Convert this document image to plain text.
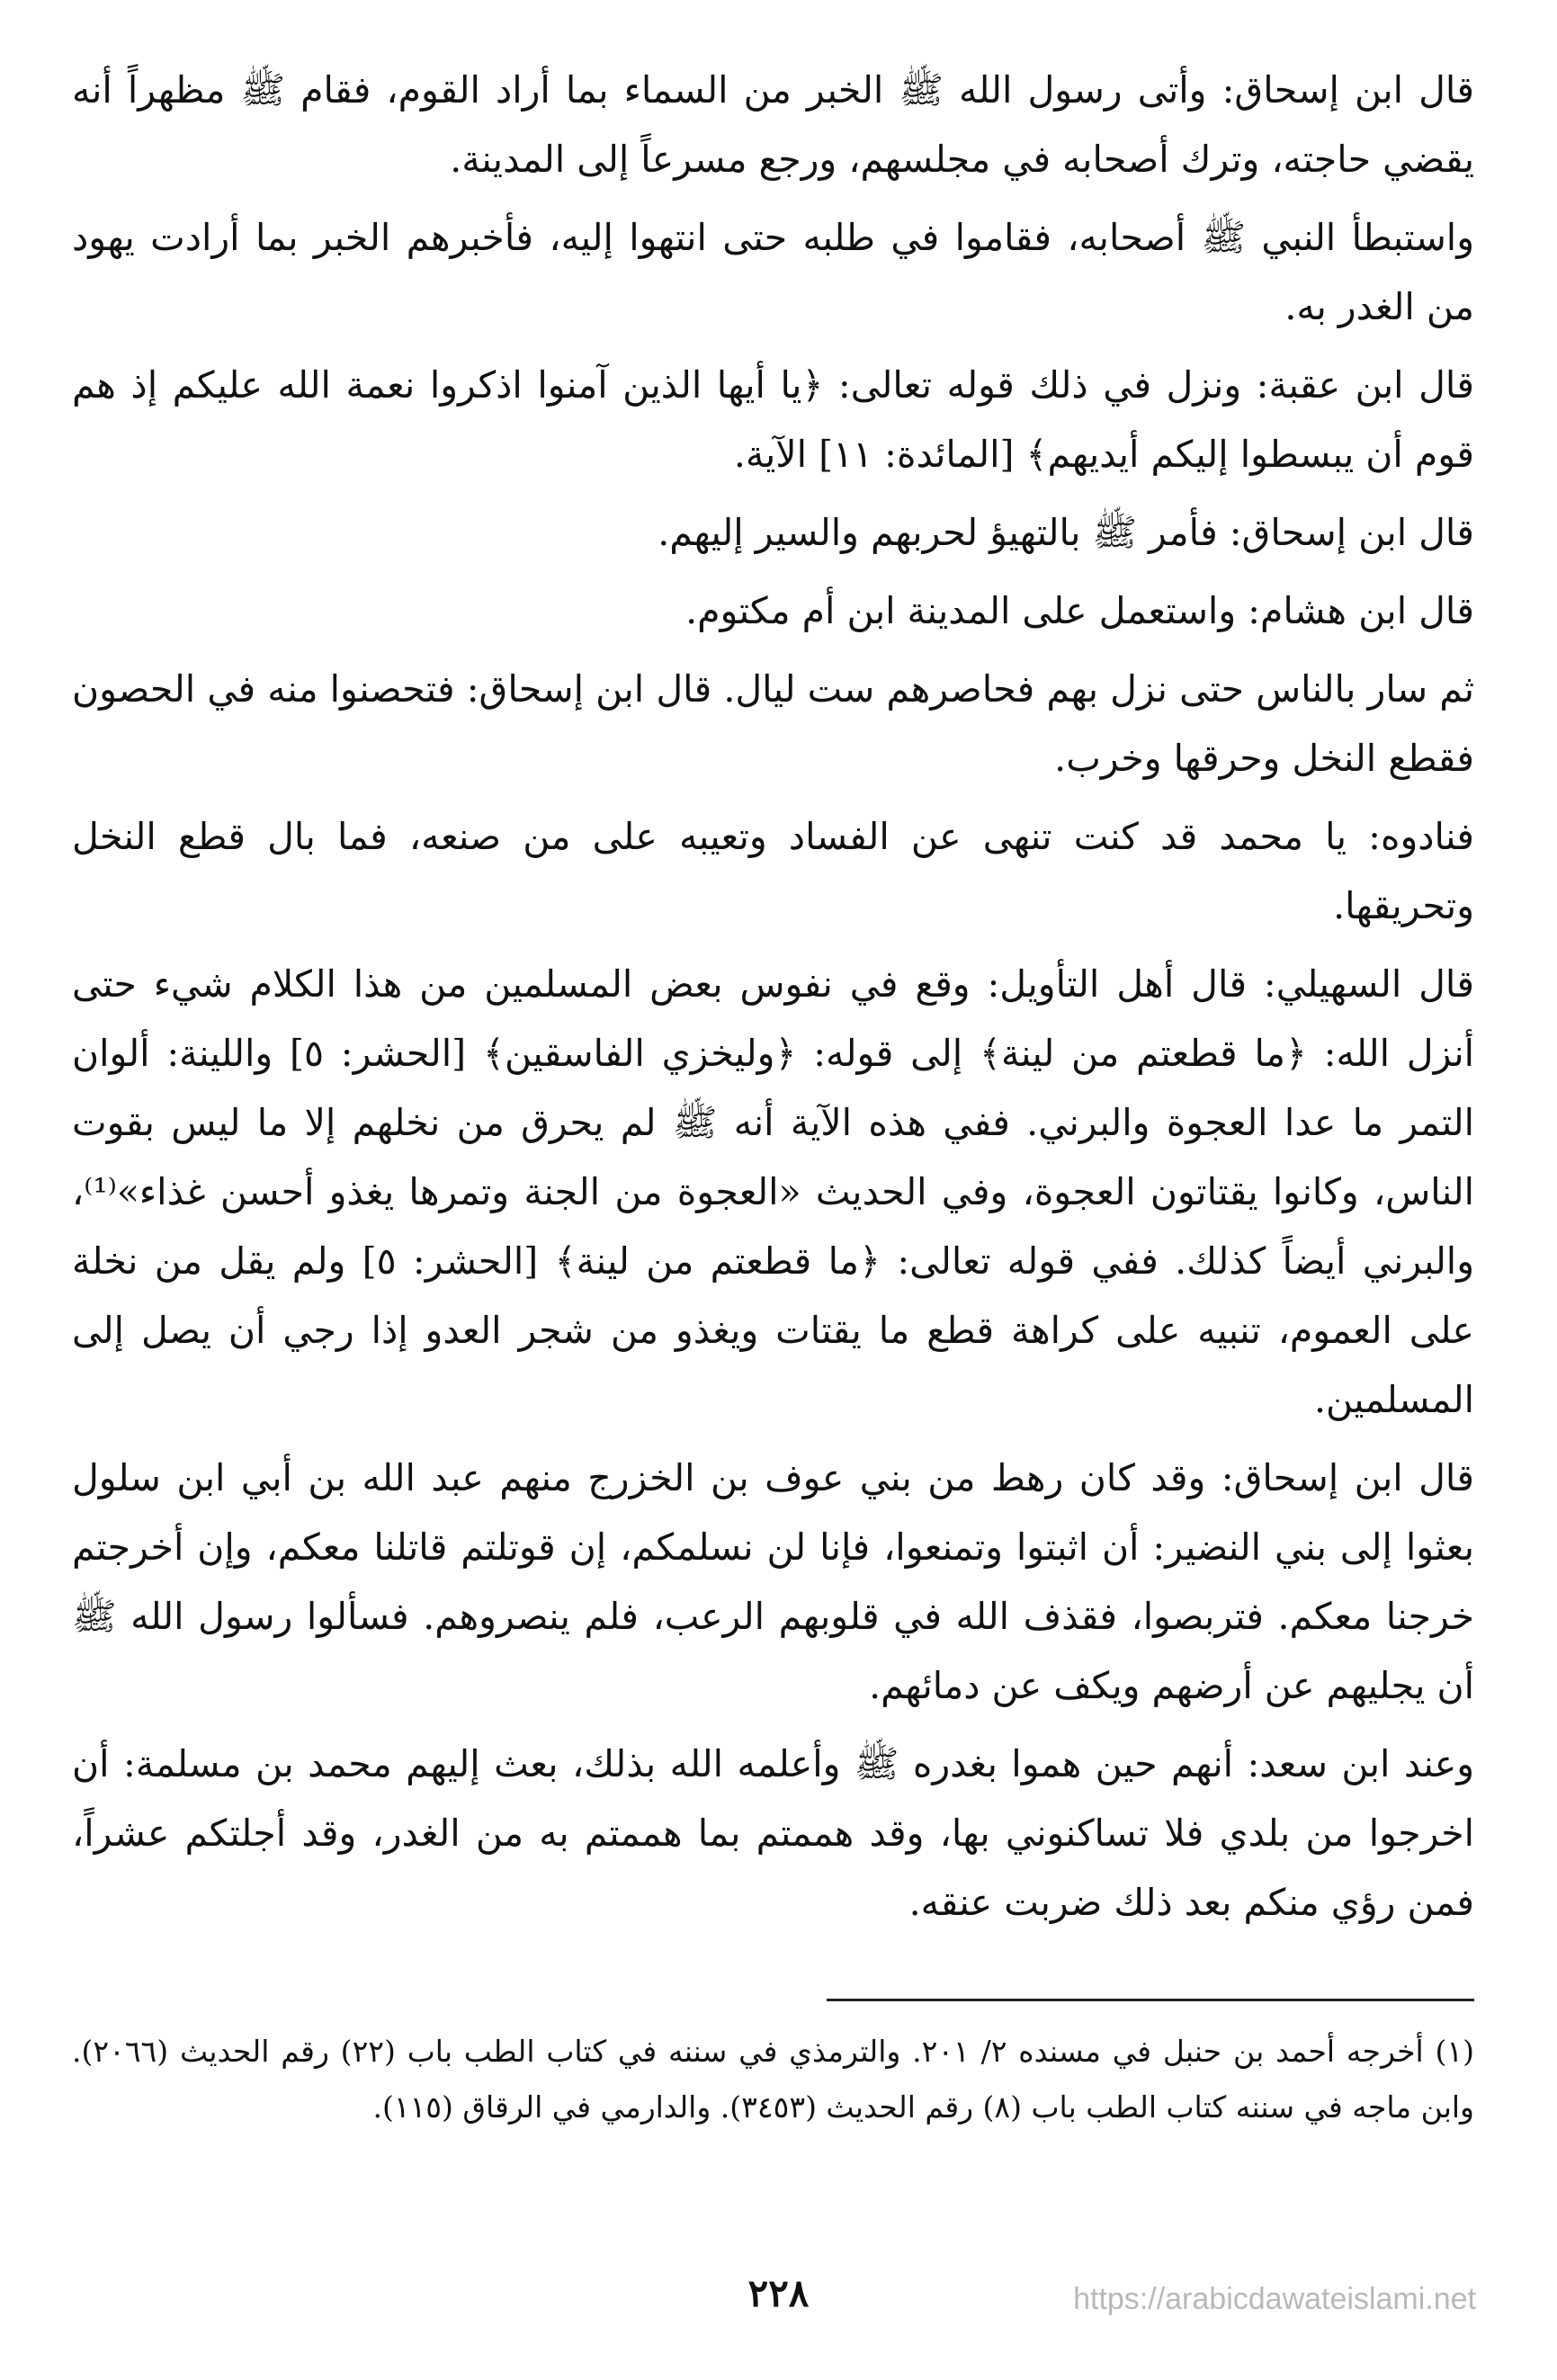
قال ابن إسحاق: وأتى رسول الله ﷺ الخبر من السماء بما أراد القوم، فقام ﷺ مظهراً أنه يقضي حاجته، وترك أصحابه في مجلسهم، ورجع مسرعاً إلى المدينة.

واستبطأ النبي ﷺ أصحابه، فقاموا في طلبه حتى انتهوا إليه، فأخبرهم الخبر بما أرادت يهود من الغدر به.

قال ابن عقبة: ونزل في ذلك قوله تعالى: ﴿يا أيها الذين آمنوا اذكروا نعمة الله عليكم إذ هم قوم أن يبسطوا إليكم أيديهم﴾ [المائدة: ١١] الآية.

قال ابن إسحاق: فأمر ﷺ بالتهيؤ لحربهم والسير إليهم.

قال ابن هشام: واستعمل على المدينة ابن أم مكتوم.

ثم سار بالناس حتى نزل بهم فحاصرهم ست ليال. قال ابن إسحاق: فتحصنوا منه في الحصون فقطع النخل وحرقها وخرب.

فنادوه: يا محمد قد كنت تنهى عن الفساد وتعيبه على من صنعه، فما بال قطع النخل وتحريقها.

قال السهيلي: قال أهل التأويل: وقع في نفوس بعض المسلمين من هذا الكلام شيء حتى أنزل الله: ﴿ما قطعتم من لينة﴾ إلى قوله: ﴿وليخزي الفاسقين﴾ [الحشر: ٥] واللينة: ألوان التمر ما عدا العجوة والبرني. ففي هذه الآية أنه ﷺ لم يحرق من نخلهم إلا ما ليس بقوت الناس، وكانوا يقتاتون العجوة، وفي الحديث «العجوة من الجنة وتمرها يغذو أحسن غذاء»⁽¹⁾، والبرني أيضاً كذلك. ففي قوله تعالى: ﴿ما قطعتم من لينة﴾ [الحشر: ٥] ولم يقل من نخلة على العموم، تنبيه على كراهة قطع ما يقتات ويغذو من شجر العدو إذا رجي أن يصل إلى المسلمين.

قال ابن إسحاق: وقد كان رهط من بني عوف بن الخزرج منهم عبد الله بن أبي ابن سلول بعثوا إلى بني النضير: أن اثبتوا وتمنعوا، فإنا لن نسلمكم، إن قوتلتم قاتلنا معكم، وإن أخرجتم خرجنا معكم. فتربصوا، فقذف الله في قلوبهم الرعب، فلم ينصروهم. فسألوا رسول الله ﷺ أن يجليهم عن أرضهم ويكف عن دمائهم.

وعند ابن سعد: أنهم حين هموا بغدره ﷺ وأعلمه الله بذلك، بعث إليهم محمد بن مسلمة: أن اخرجوا من بلدي فلا تساكنوني بها، وقد هممتم بما هممتم به من الغدر، وقد أجلتكم عشراً، فمن رؤي منكم بعد ذلك ضربت عنقه.

(١) أخرجه أحمد بن حنبل في مسنده ٢/ ٢٠١. والترمذي في سننه في كتاب الطب باب (٢٢) رقم الحديث (٢٠٦٦). وابن ماجه في سننه كتاب الطب باب (٨) رقم الحديث (٣٤٥٣). والدارمي في الرقاق (١١٥).

٢٢٨	https://arabicdawateislami.net
